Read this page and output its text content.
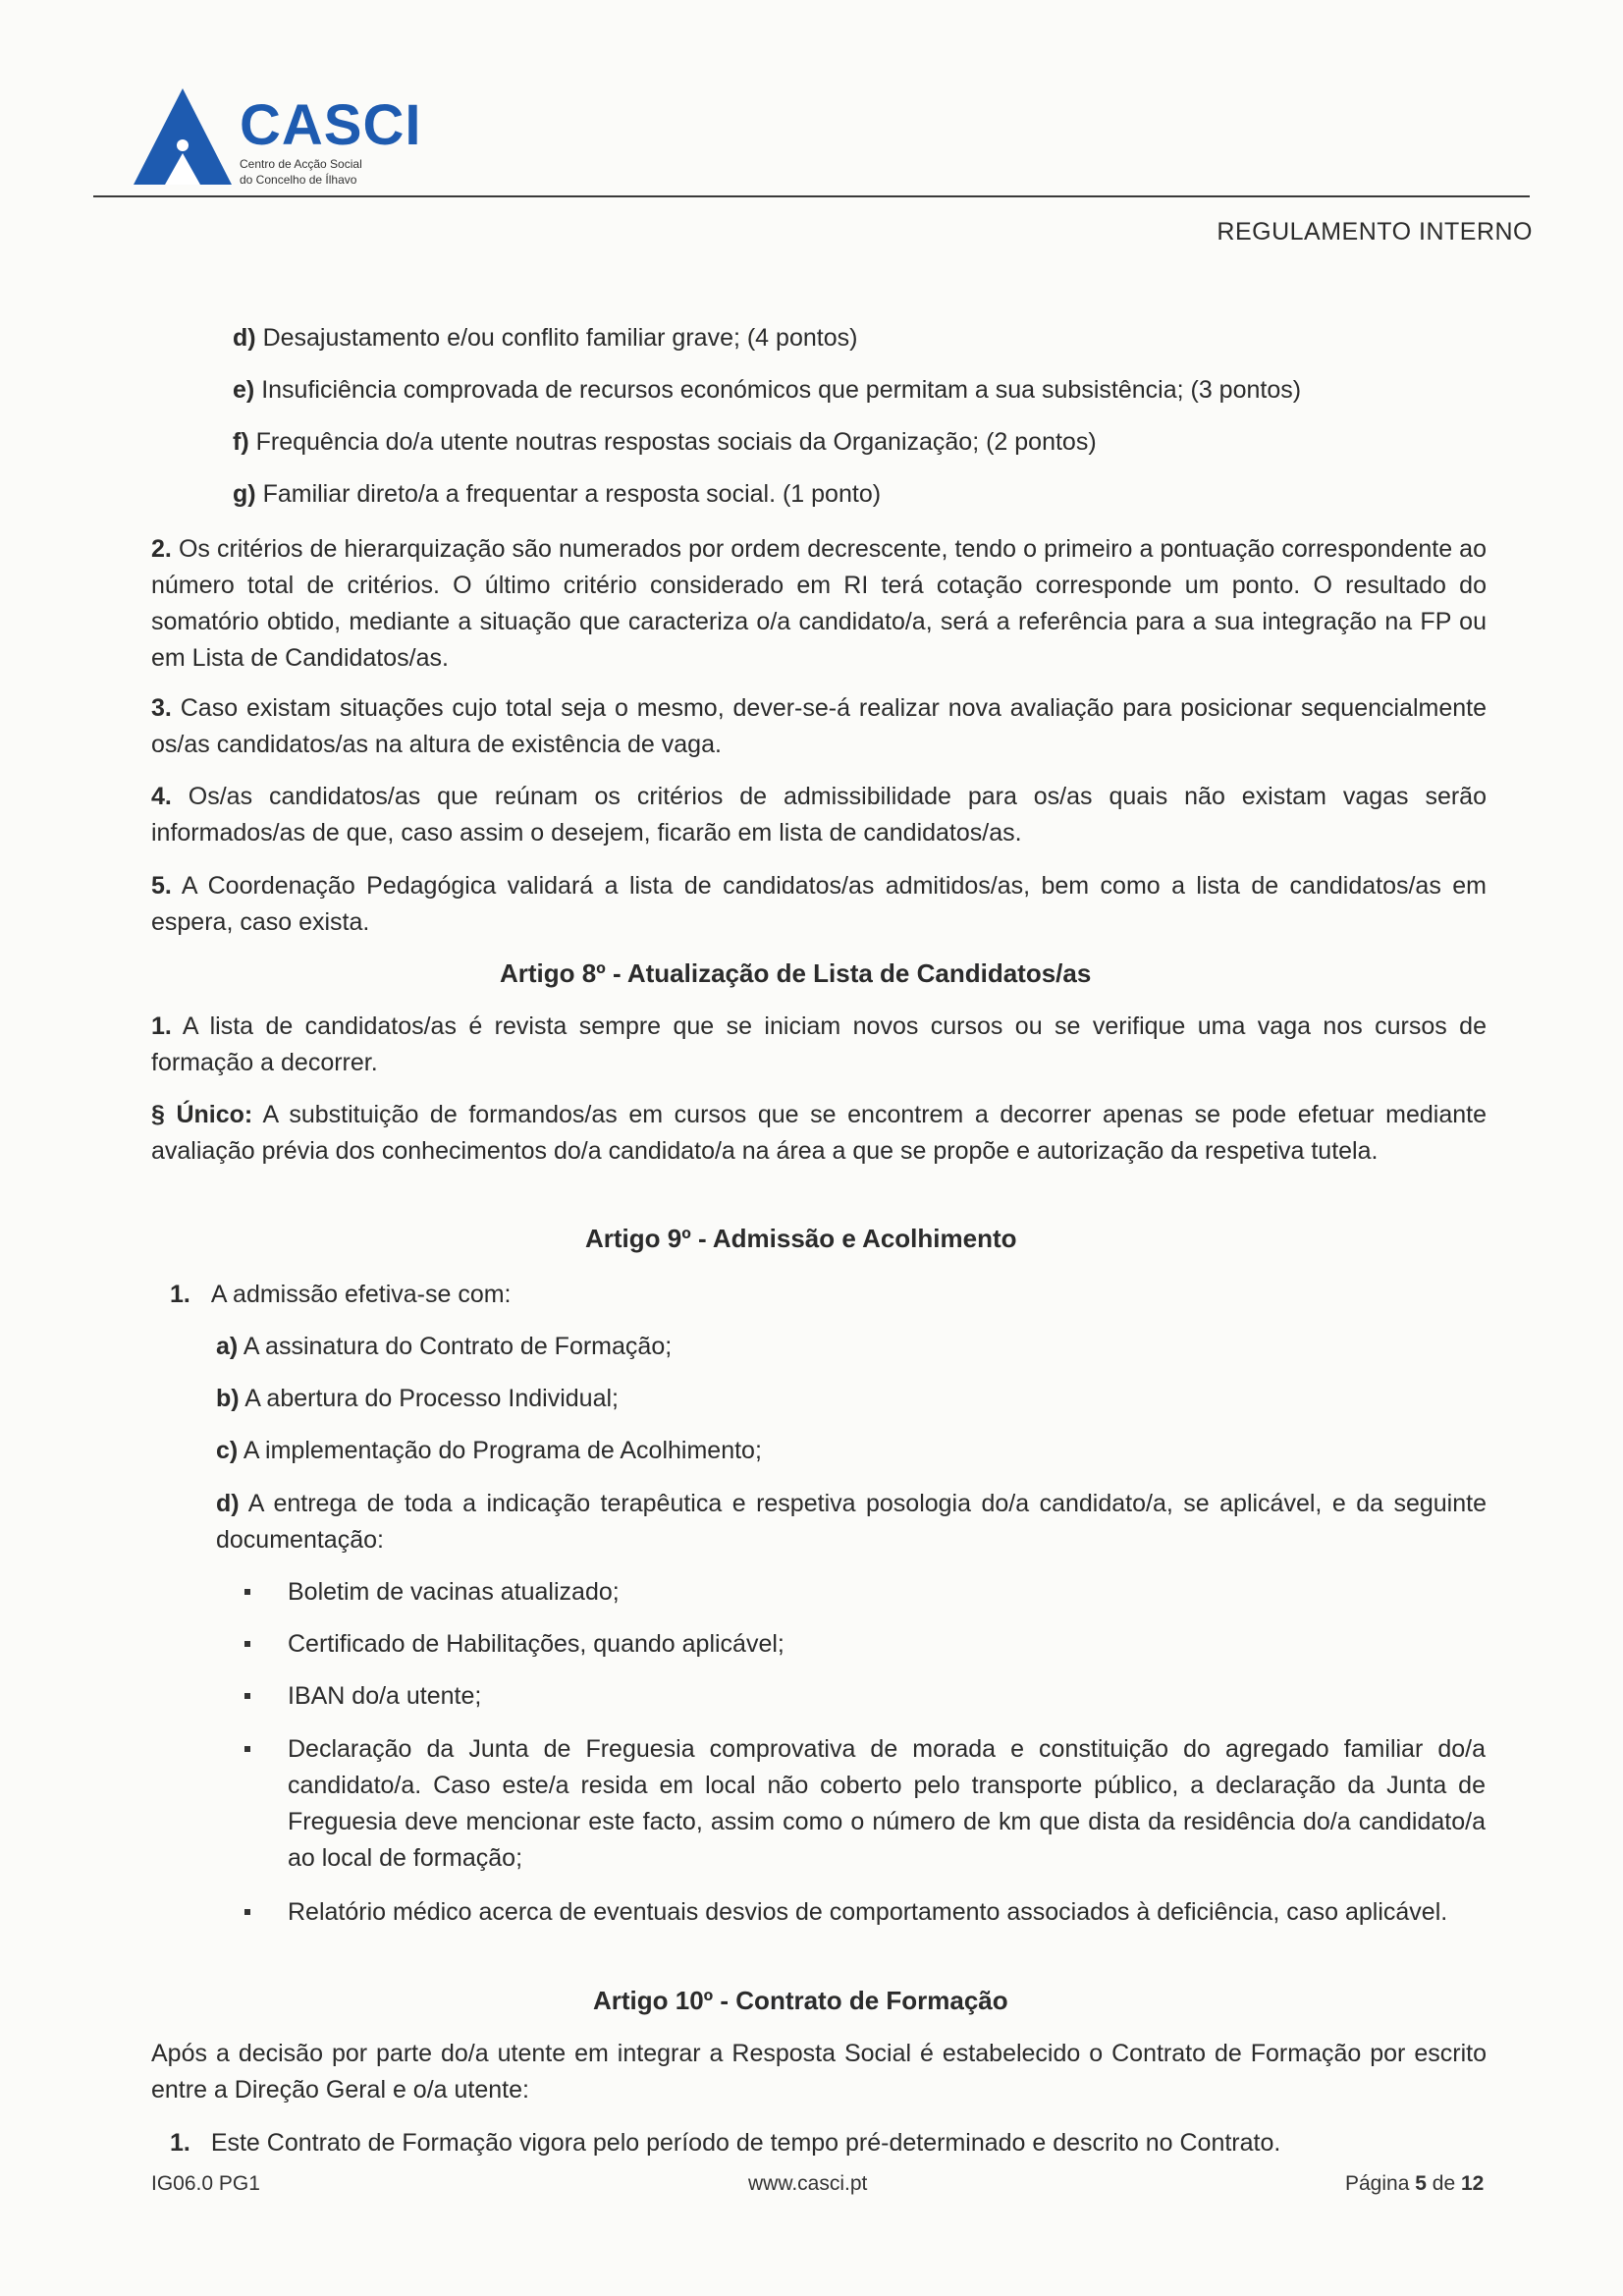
CASCI
Centro de Acção Social
do Concelho de Ílhavo
REGULAMENTO INTERNO

d) Desajustamento e/ou conflito familiar grave; (4 pontos)

e) Insuficiência comprovada de recursos económicos que permitam a sua subsistência; (3 pontos)

f) Frequência do/a utente noutras respostas sociais da Organização; (2 pontos)

g) Familiar direto/a a frequentar a resposta social. (1 ponto)

2. Os critérios de hierarquização são numerados por ordem decrescente, tendo o primeiro a pontuação correspondente ao número total de critérios. O último critério considerado em RI terá cotação corresponde um ponto. O resultado do somatório obtido, mediante a situação que caracteriza o/a candidato/a, será a referência para a sua integração na FP ou em Lista de Candidatos/as.

3. Caso existam situações cujo total seja o mesmo, dever-se-á realizar nova avaliação para posicionar sequencialmente os/as candidatos/as na altura de existência de vaga.

4. Os/as candidatos/as que reúnam os critérios de admissibilidade para os/as quais não existam vagas serão informados/as de que, caso assim o desejem, ficarão em lista de candidatos/as.

5. A Coordenação Pedagógica validará a lista de candidatos/as admitidos/as, bem como a lista de candidatos/as em espera, caso exista.

Artigo 8º - Atualização de Lista de Candidatos/as

1. A lista de candidatos/as é revista sempre que se iniciam novos cursos ou se verifique uma vaga nos cursos de formação a decorrer.

§ Único: A substituição de formandos/as em cursos que se encontrem a decorrer apenas se pode efetuar mediante avaliação prévia dos conhecimentos do/a candidato/a na área a que se propõe e autorização da respetiva tutela.

Artigo 9º - Admissão e Acolhimento

1. A admissão efetiva-se com:

a) A assinatura do Contrato de Formação;

b) A abertura do Processo Individual;

c) A implementação do Programa de Acolhimento;

d) A entrega de toda a indicação terapêutica e respetiva posologia do/a candidato/a, se aplicável, e da seguinte documentação:

Boletim de vacinas atualizado;

Certificado de Habilitações, quando aplicável;

IBAN do/a utente;

Declaração da Junta de Freguesia comprovativa de morada e constituição do agregado familiar do/a candidato/a. Caso este/a resida em local não coberto pelo transporte público, a declaração da Junta de Freguesia deve mencionar este facto, assim como o número de km que dista da residência do/a candidato/a ao local de formação;

Relatório médico acerca de eventuais desvios de comportamento associados à deficiência, caso aplicável.

Artigo 10º - Contrato de Formação

Após a decisão por parte do/a utente em integrar a Resposta Social é estabelecido o Contrato de Formação por escrito entre a Direção Geral e o/a utente:

1. Este Contrato de Formação vigora pelo período de tempo pré-determinado e descrito no Contrato.

IG06.0 PG1	www.casci.pt	Página 5 de 12
